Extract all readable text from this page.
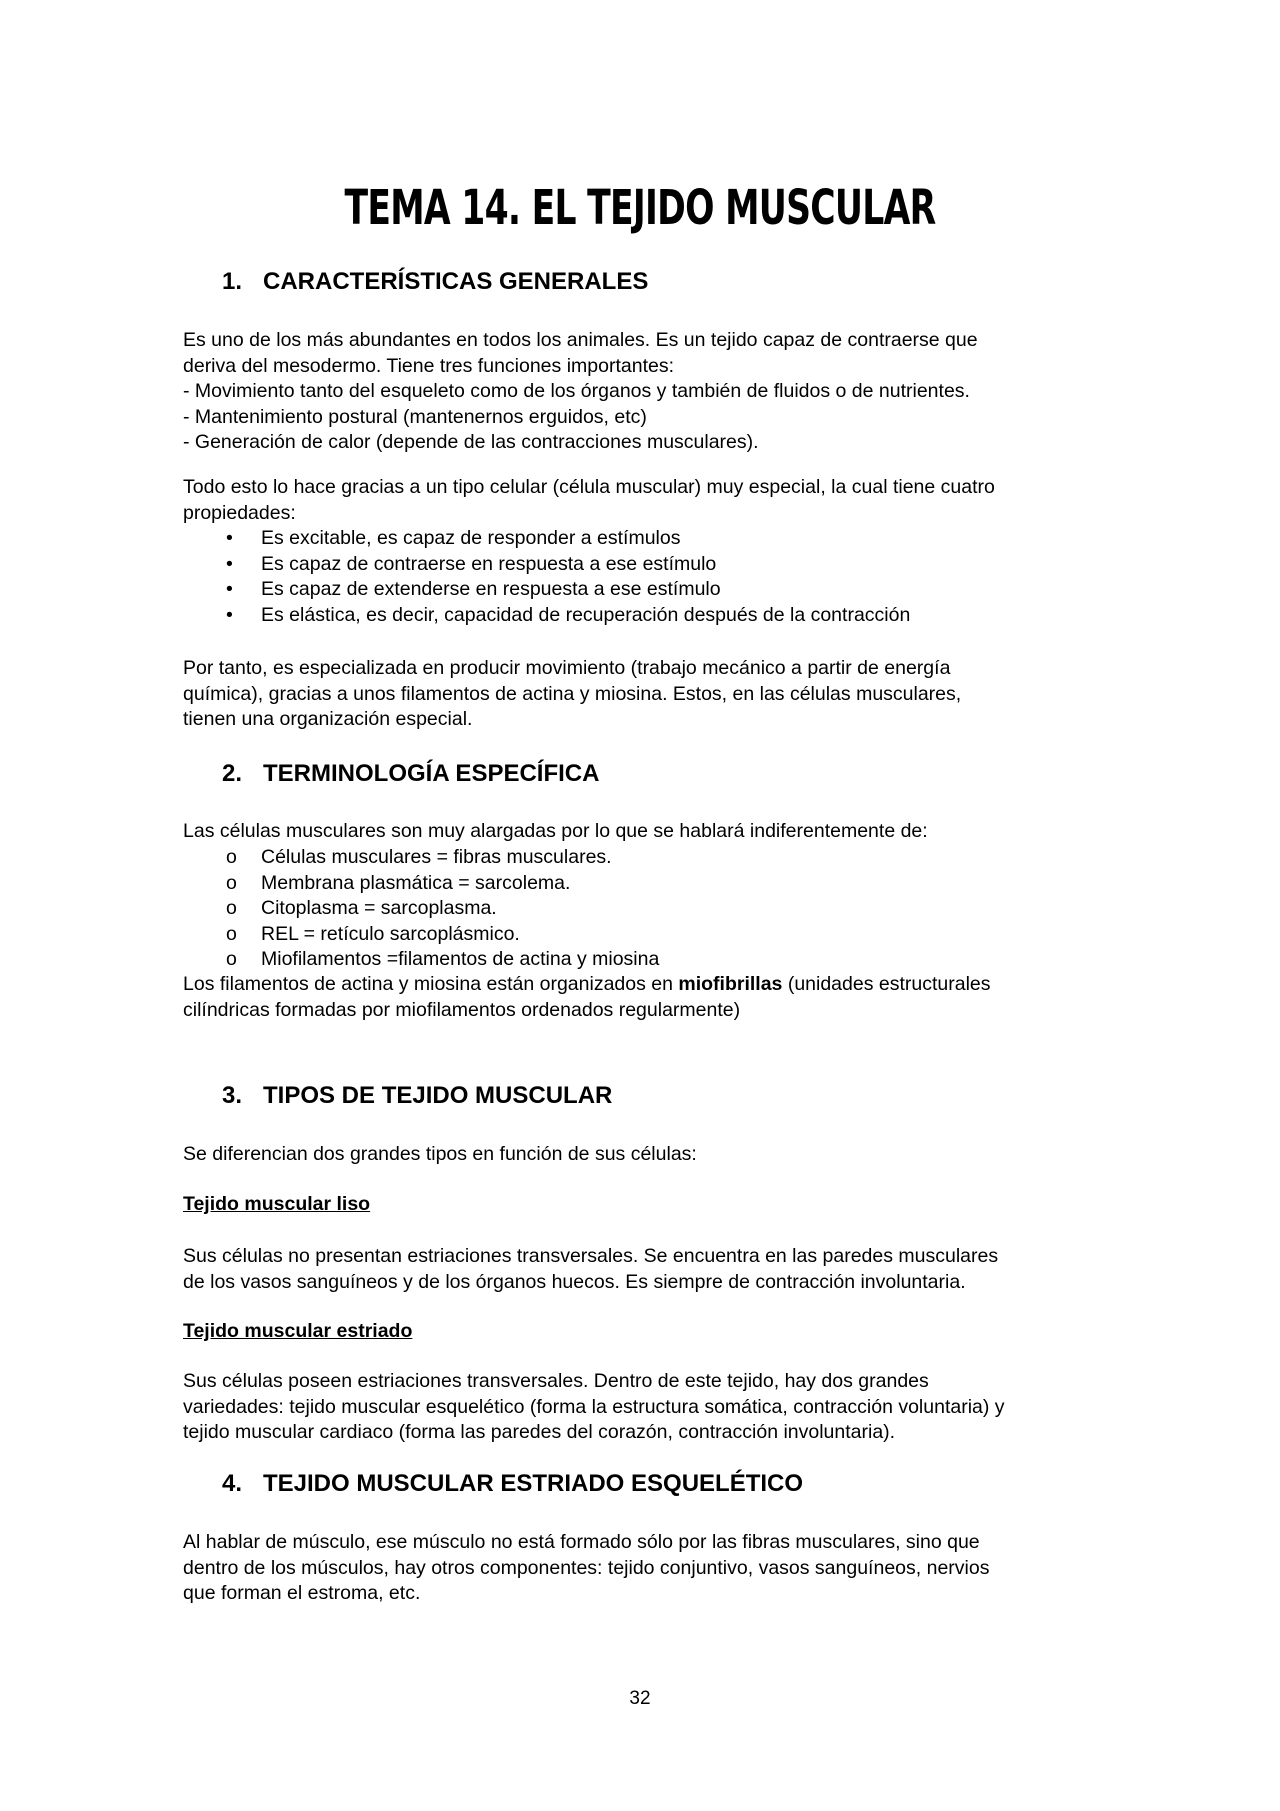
TEMA 14. EL TEJIDO MUSCULAR
1. CARACTERÍSTICAS GENERALES
Es uno de los más abundantes en todos los animales. Es un tejido capaz de contraerse que
deriva del mesodermo. Tiene tres funciones importantes:
- Movimiento tanto del esqueleto como de los órganos y también de fluidos o de nutrientes.
- Mantenimiento postural (mantenernos erguidos, etc)
- Generación de calor (depende de las contracciones musculares).
Todo esto lo hace gracias a un tipo celular (célula muscular) muy especial, la cual tiene cuatro
propiedades:
• Es excitable, es capaz de responder a estímulos
• Es capaz de contraerse en respuesta a ese estímulo
• Es capaz de extenderse en respuesta a ese estímulo
• Es elástica, es decir, capacidad de recuperación después de la contracción
Por tanto, es especializada en producir movimiento (trabajo mecánico a partir de energía
química), gracias a unos filamentos de actina y miosina. Estos, en las células musculares,
tienen una organización especial.
2. TERMINOLOGÍA ESPECÍFICA
Las células musculares son muy alargadas por lo que se hablará indiferentemente de:
o Células musculares = fibras musculares.
o Membrana plasmática = sarcolema.
o Citoplasma = sarcoplasma.
o REL = retículo sarcoplásmico.
o Miofilamentos =filamentos de actina y miosina
Los filamentos de actina y miosina están organizados en miofibrillas (unidades estructurales
cilíndricas formadas por miofilamentos ordenados regularmente)
3. TIPOS DE TEJIDO MUSCULAR
Se diferencian dos grandes tipos en función de sus células:
Tejido muscular liso
Sus células no presentan estriaciones transversales. Se encuentra en las paredes musculares
de los vasos sanguíneos y de los órganos huecos. Es siempre de contracción involuntaria.
Tejido muscular estriado
Sus células poseen estriaciones transversales. Dentro de este tejido, hay dos grandes
variedades: tejido muscular esquelético (forma la estructura somática, contracción voluntaria) y
tejido muscular cardiaco (forma las paredes del corazón, contracción involuntaria).
4. TEJIDO MUSCULAR ESTRIADO ESQUELÉTICO
Al hablar de músculo, ese músculo no está formado sólo por las fibras musculares, sino que
dentro de los músculos, hay otros componentes: tejido conjuntivo, vasos sanguíneos, nervios
que forman el estroma, etc.
32
